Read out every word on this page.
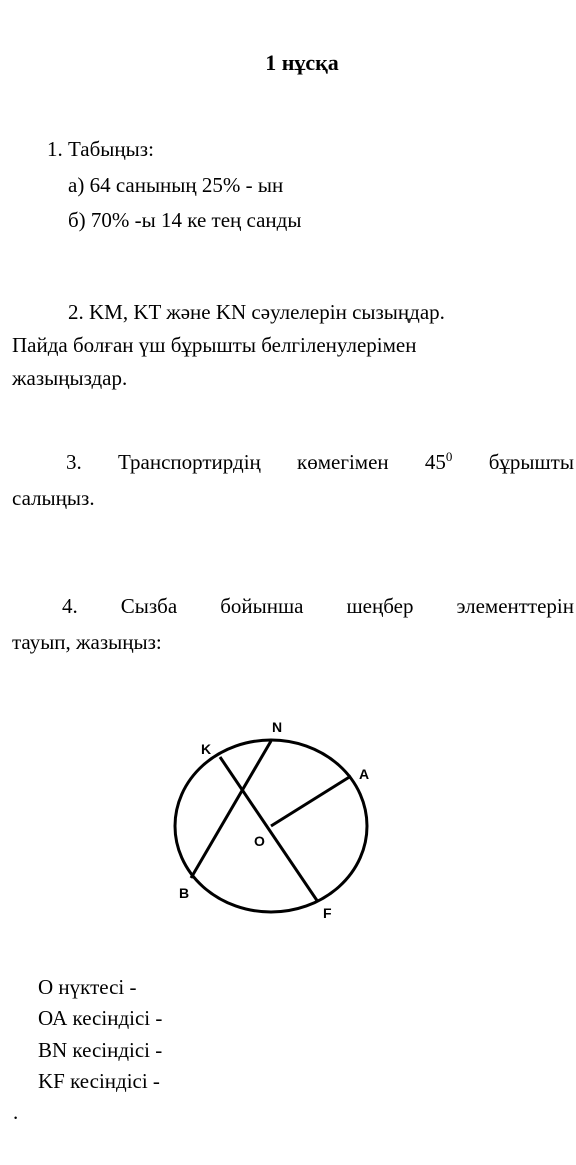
1 нұсқа
1. Табыңыз:
а) 64 санының 25% - ын
б) 70% -ы 14 ке тең санды
2. KM, KT және KN сәулелерін сызыңдар.
Пайда болған үш бұрышты белгіленулерімен
жазыңыздар.
3. Транспортирдің көмегімен $45^0$ бұрышты
салыңыз.
4. Сызба бойынша шеңбер элементтерін
тауып, жазыңыз:
K
N
A
O
B
F
О нүктесі -
ОА кесіндісі -
BN кесіндісі -
KF кесіндісі -
.
